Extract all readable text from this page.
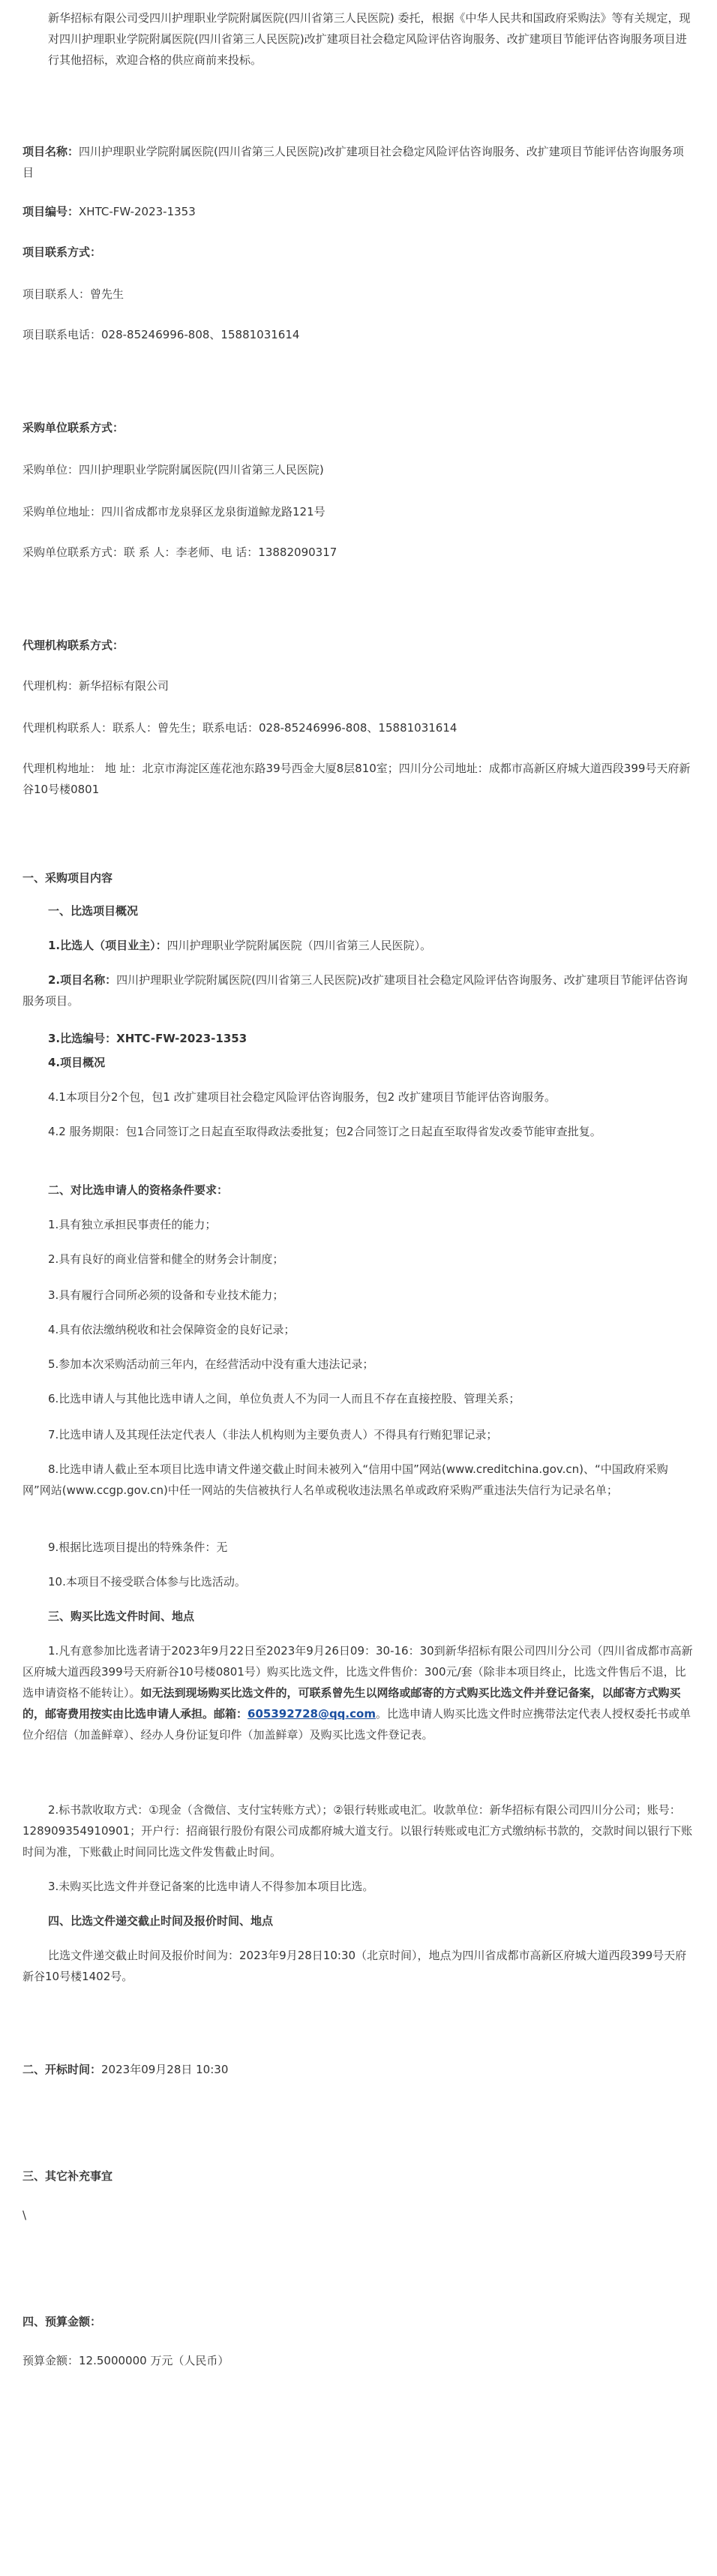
新华招标有限公司受四川护理职业学院附属医院(四川省第三人民医院) 委托，根据《中华人民共和国政府采购法》等有关规定，现对四川护理职业学院附属医院(四川省第三人民医院)改扩建项目社会稳定风险评估咨询服务、改扩建项目节能评估咨询服务项目进行其他招标，欢迎合格的供应商前来投标。

项目名称：四川护理职业学院附属医院(四川省第三人民医院)改扩建项目社会稳定风险评估咨询服务、改扩建项目节能评估咨询服务项目

项目编号：XHTC-FW-2023-1353

项目联系方式：

项目联系人：曾先生

项目联系电话：028-85246996-808、15881031614

采购单位联系方式：

采购单位：四川护理职业学院附属医院(四川省第三人民医院)

采购单位地址：四川省成都市龙泉驿区龙泉街道鲸龙路121号

采购单位联系方式：联 系 人：李老师、电 话：13882090317

代理机构联系方式：

代理机构：新华招标有限公司

代理机构联系人：联系人：曾先生；联系电话：028-85246996-808、15881031614

代理机构地址： 地 址：北京市海淀区莲花池东路39号西金大厦8层810室；四川分公司地址：成都市高新区府城大道西段399号天府新谷10号楼0801

一、采购项目内容

一、比选项目概况

1.比选人（项目业主）：四川护理职业学院附属医院（四川省第三人民医院）。

2.项目名称：四川护理职业学院附属医院(四川省第三人民医院)改扩建项目社会稳定风险评估咨询服务、改扩建项目节能评估咨询服务项目。

3.比选编号：XHTC-FW-2023-1353

4.项目概况

4.1本项目分2个包，包1 改扩建项目社会稳定风险评估咨询服务，包2 改扩建项目节能评估咨询服务。

4.2 服务期限：包1合同签订之日起直至取得政法委批复；包2合同签订之日起直至取得省发改委节能审查批复。

二、对比选申请人的资格条件要求：

1.具有独立承担民事责任的能力；

2.具有良好的商业信誉和健全的财务会计制度；

3.具有履行合同所必须的设备和专业技术能力；

4.具有依法缴纳税收和社会保障资金的良好记录；

5.参加本次采购活动前三年内，在经营活动中没有重大违法记录；

6.比选申请人与其他比选申请人之间，单位负责人不为同一人而且不存在直接控股、管理关系；

7.比选申请人及其现任法定代表人（非法人机构则为主要负责人）不得具有行贿犯罪记录；

8.比选申请人截止至本项目比选申请文件递交截止时间未被列入“信用中国”网站(www.creditchina.gov.cn)、“中国政府采购网”网站(www.ccgp.gov.cn)中任一网站的失信被执行人名单或税收违法黑名单或政府采购严重违法失信行为记录名单；

9.根据比选项目提出的特殊条件：无

10.本项目不接受联合体参与比选活动。

三、购买比选文件时间、地点

1.凡有意参加比选者请于2023年9月22日至2023年9月26日09：30-16：30到新华招标有限公司四川分公司（四川省成都市高新区府城大道西段399号天府新谷10号楼0801号）购买比选文件，比选文件售价：300元/套（除非本项目终止，比选文件售后不退，比选申请资格不能转让）。如无法到现场购买比选文件的，可联系曾先生以网络或邮寄的方式购买比选文件并登记备案，以邮寄方式购买的，邮寄费用按实由比选申请人承担。邮箱：605392728@qq.com。比选申请人购买比选文件时应携带法定代表人授权委托书或单位介绍信（加盖鲜章）、经办人身份证复印件（加盖鲜章）及购买比选文件登记表。

2.标书款收取方式：①现金（含微信、支付宝转账方式）；②银行转账或电汇。收款单位：新华招标有限公司四川分公司；账号：128909354910901；开户行：招商银行股份有限公司成都府城大道支行。以银行转账或电汇方式缴纳标书款的，交款时间以银行下账时间为准，下账截止时间同比选文件发售截止时间。

3.未购买比选文件并登记备案的比选申请人不得参加本项目比选。

四、比选文件递交截止时间及报价时间、地点

比选文件递交截止时间及报价时间为：2023年9月28日10:30（北京时间），地点为四川省成都市高新区府城大道西段399号天府新谷10号楼1402号。

二、开标时间：2023年09月28日 10:30

三、其它补充事宜

\

四、预算金额：

预算金额：12.5000000 万元（人民币）
